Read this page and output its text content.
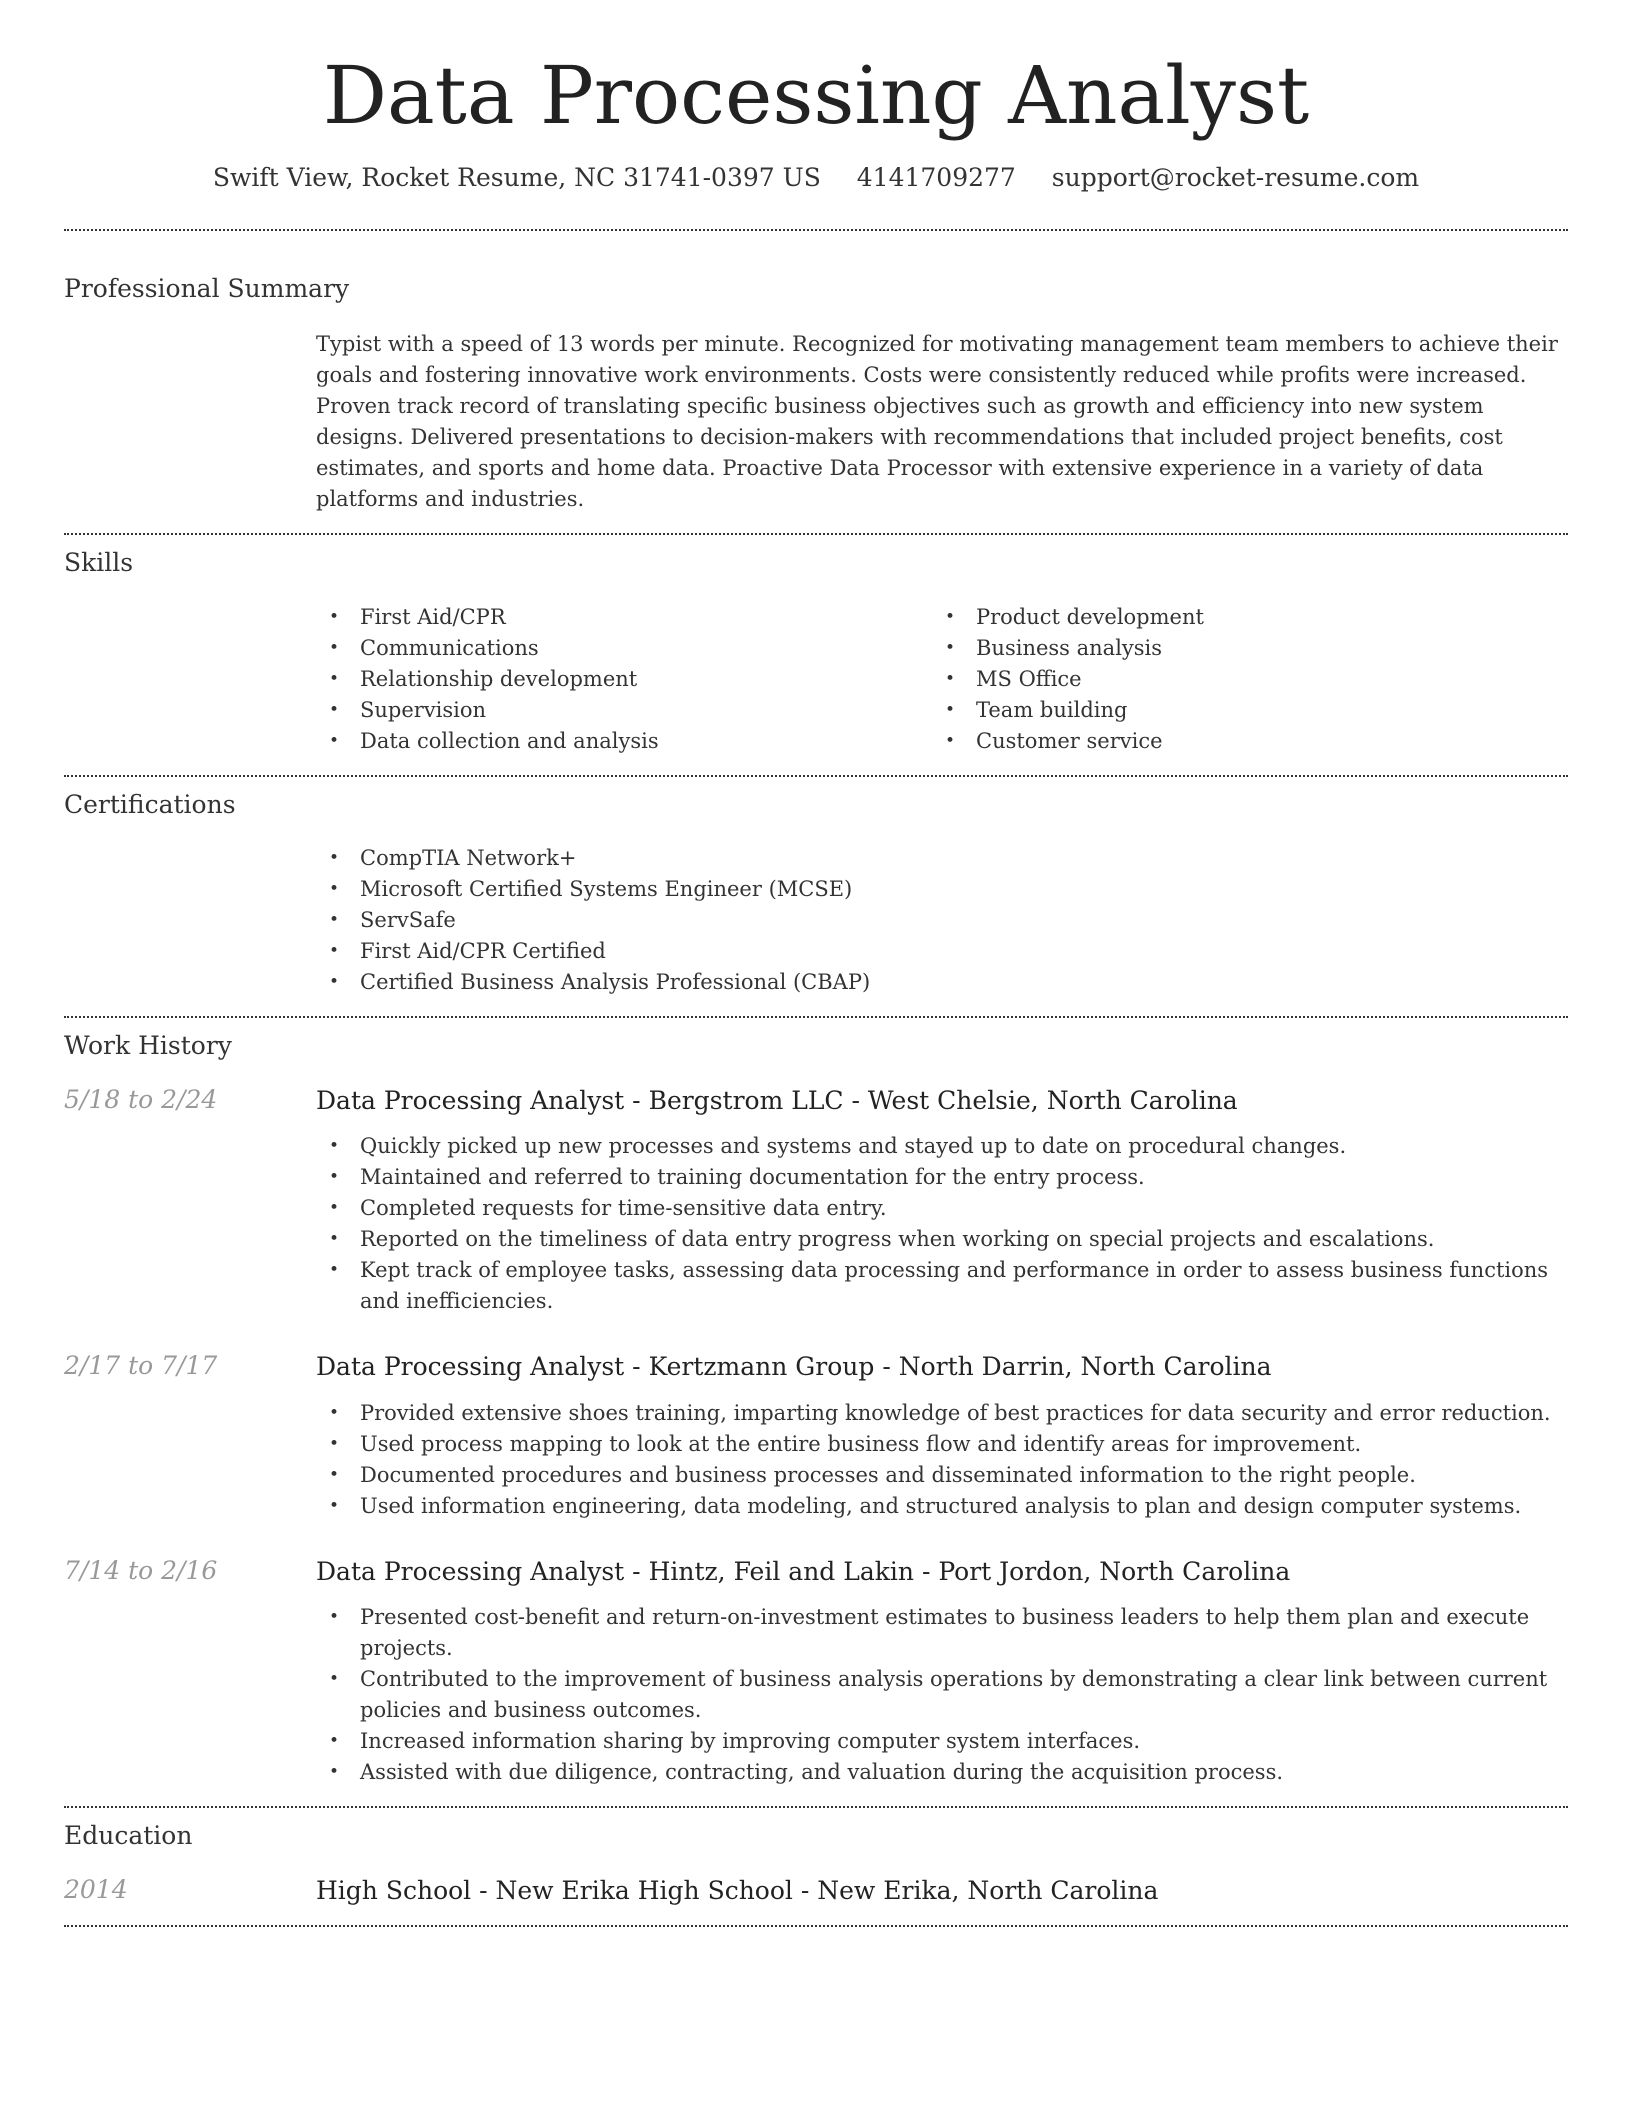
Data Processing Analyst
Swift View, Rocket Resume, NC 31741-0397 US 4141709277 support@rocket-resume.com
Professional Summary

Typist with a speed of 13 words per minute. Recognized for motivating management team members to achieve their goals and fostering innovative work environments. Costs were consistently reduced while profits were increased. Proven track record of translating specific business objectives such as growth and efficiency into new system designs. Delivered presentations to decision-makers with recommendations that included project benefits, cost estimates, and sports and home data. Proactive Data Processor with extensive experience in a variety of data platforms and industries.

Skills
• First Aid/CPR
• Communications
• Relationship development
• Supervision
• Data collection and analysis
• Product development
• Business analysis
• MS Office
• Team building
• Customer service
Certifications
• CompTIA Network+
• Microsoft Certified Systems Engineer (MCSE)
• ServSafe
• First Aid/CPR Certified
• Certified Business Analysis Professional (CBAP)
Work History
5/18 to 2/24	Data Processing Analyst - Bergstrom LLC - West Chelsie, North Carolina
• Quickly picked up new processes and systems and stayed up to date on procedural changes.
• Maintained and referred to training documentation for the entry process.
• Completed requests for time-sensitive data entry.
• Reported on the timeliness of data entry progress when working on special projects and escalations.
• Kept track of employee tasks, assessing data processing and performance in order to assess business functions and inefficiencies.
2/17 to 7/17	Data Processing Analyst - Kertzmann Group - North Darrin, North Carolina
• Provided extensive shoes training, imparting knowledge of best practices for data security and error reduction.
• Used process mapping to look at the entire business flow and identify areas for improvement.
• Documented procedures and business processes and disseminated information to the right people.
• Used information engineering, data modeling, and structured analysis to plan and design computer systems.
7/14 to 2/16	Data Processing Analyst - Hintz, Feil and Lakin - Port Jordon, North Carolina
• Presented cost-benefit and return-on-investment estimates to business leaders to help them plan and execute projects.
• Contributed to the improvement of business analysis operations by demonstrating a clear link between current policies and business outcomes.
• Increased information sharing by improving computer system interfaces.
• Assisted with due diligence, contracting, and valuation during the acquisition process.
Education
2014	High School - New Erika High School - New Erika, North Carolina
